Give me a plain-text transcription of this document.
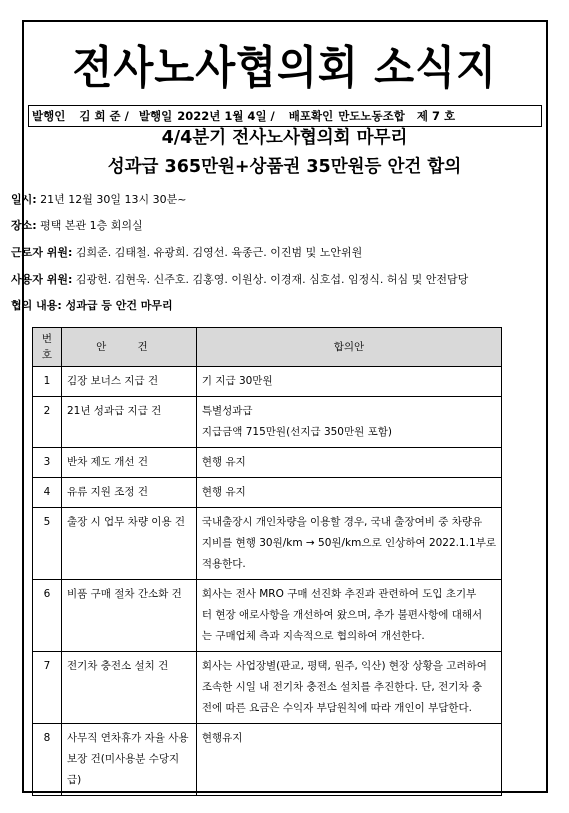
전사노사협의회 소식지
발행인 김 희 준 / 발행일 2022년 1월 4일 / 배포확인 만도노동조합 제 7 호
4/4분기 전사노사협의회 마무리
성과급 365만원+상품권 35만원등 안건 합의
일시: 21년 12월 30일 13시 30분~
장소: 평택 본관 1층 회의실
근로자 위원: 김희준. 김태철. 유광희. 김영선. 육종근. 이진범 및 노안위원
사용자 위원: 김광헌. 김현욱. 신주호. 김홍영. 이원상. 이경재. 심호섭. 임정식. 허심 및 안전담당
협의 내용: 성과급 등 안건 마무리
번호	안 건	합의안
1	김장 보너스 지급 건	기 지급 30만원

2	21년 성과급 지급 건	특별성과급
지급금액 715만원(선지급 350만원 포함)

3	반차 제도 개선 건	현행 유지

4	유류 지원 조정 건	현행 유지

5	출장 시 업무 차량 이용 건	국내출장시 개인차량을 이용할 경우, 국내 출장여비 중 차량유
지비를 현행 30원/km → 50원/km으로 인상하여 2022.1.1부로
적용한다.

6	비품 구매 절차 간소화 건	회사는 전사 MRO 구매 선진화 추진과 관련하여 도입 초기부
터 현장 애로사항을 개선하여 왔으며, 추가 불편사항에 대해서
는 구매업체 측과 지속적으로 협의하여 개선한다.

7	전기차 충전소 설치 건	회사는 사업장별(판교, 평택, 원주, 익산) 현장 상황을 고려하여
조속한 시일 내 전기차 충전소 설치를 추진한다. 단, 전기차 충
전에 따른 요금은 수익자 부담원칙에 따라 개인이 부담한다.

8	사무직 연차휴가 자율 사용 보장 건(미사용분 수당지급)	현행유지
